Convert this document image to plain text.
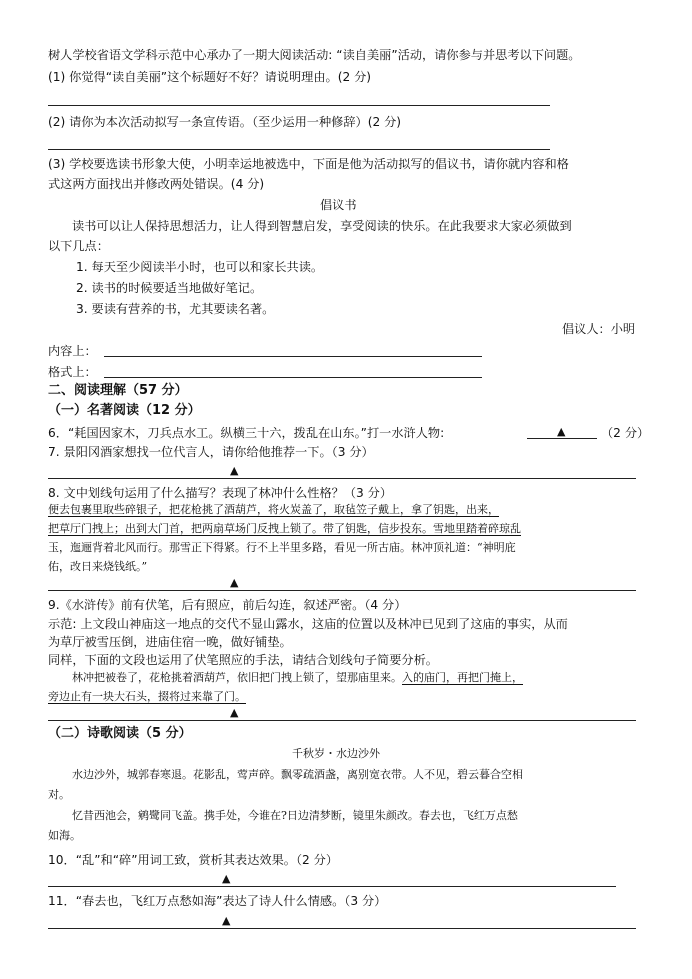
树人学校省语文学科示范中心承办了一期大阅读活动: “读自美丽”活动，请你参与并思考以下问题。
(1) 你觉得“读自美丽”这个标题好不好？请说明理由。(2 分)
(2) 请你为本次活动拟写一条宣传语。（至少运用一种修辞）(2 分)
(3) 学校要选读书形象大使，小明幸运地被选中，下面是他为活动拟写的倡议书，请你就内容和格
式这两方面找出并修改两处错误。(4 分)
倡议书
读书可以让人保持思想活力，让人得到智慧启发，享受阅读的快乐。在此我要求大家必须做到
以下几点：
1. 每天至少阅读半小时，也可以和家长共读。
2. 读书的时候要适当地做好笔记。
3. 要读有营养的书，尤其要读名著。
倡议人：小明
内容上：
格式上：
二、阅读理解（57 分）
（一）名著阅读（12 分）
6．“耗国因家木，刀兵点水工。纵横三十六，拨乱在山东。”打一水浒人物:	▲	（2 分）
7. 景阳冈酒家想找一位代言人，请你给他推荐一下。（3 分）
▲
8. 文中划线句运用了什么描写？表现了林冲什么性格？（3 分）
便去包裹里取些碎银子，把花枪挑了酒葫芦，将火炭盖了，取毡笠子戴上，拿了钥匙，出来，
把草厅门拽上；出到大门首，把两扇草场门反拽上锁了。带了钥匙，信步投东。雪地里踏着碎琼乱
玉，迤逦背着北风而行。那雪正下得紧。行不上半里多路，看见一所古庙。林冲顶礼道：“神明庇
佑，改日来烧钱纸。”
▲
9.《水浒传》前有伏笔，后有照应，前后勾连，叙述严密。（4 分）
示范: 上文段山神庙这一地点的交代不显山露水，这庙的位置以及林冲已见到了这庙的事实，从而
为草厅被雪压倒，进庙住宿一晚，做好铺垫。
同样，下面的文段也运用了伏笔照应的手法，请结合划线句子简要分析。
林冲把被卷了，花枪挑着酒葫芦，依旧把门拽上锁了，望那庙里来。入的庙门，再把门掩上，
旁边止有一块大石头，掇将过来靠了门。
▲
（二）诗歌阅读（5 分）
千秋岁・水边沙外
水边沙外，城郭春寒退。花影乱，莺声碎。飘零疏酒盏，离别宽衣带。人不见，碧云暮合空相
对。
忆昔西池会，鹓鹭同飞盖。携手处，今谁在?日边清梦断，镜里朱颜改。春去也，飞红万点愁
如海。
10．“乱”和“碎”用词工致，赏析其表达效果。（2 分）
▲
11．“春去也，飞红万点愁如海”表达了诗人什么情感。（3 分）
▲
